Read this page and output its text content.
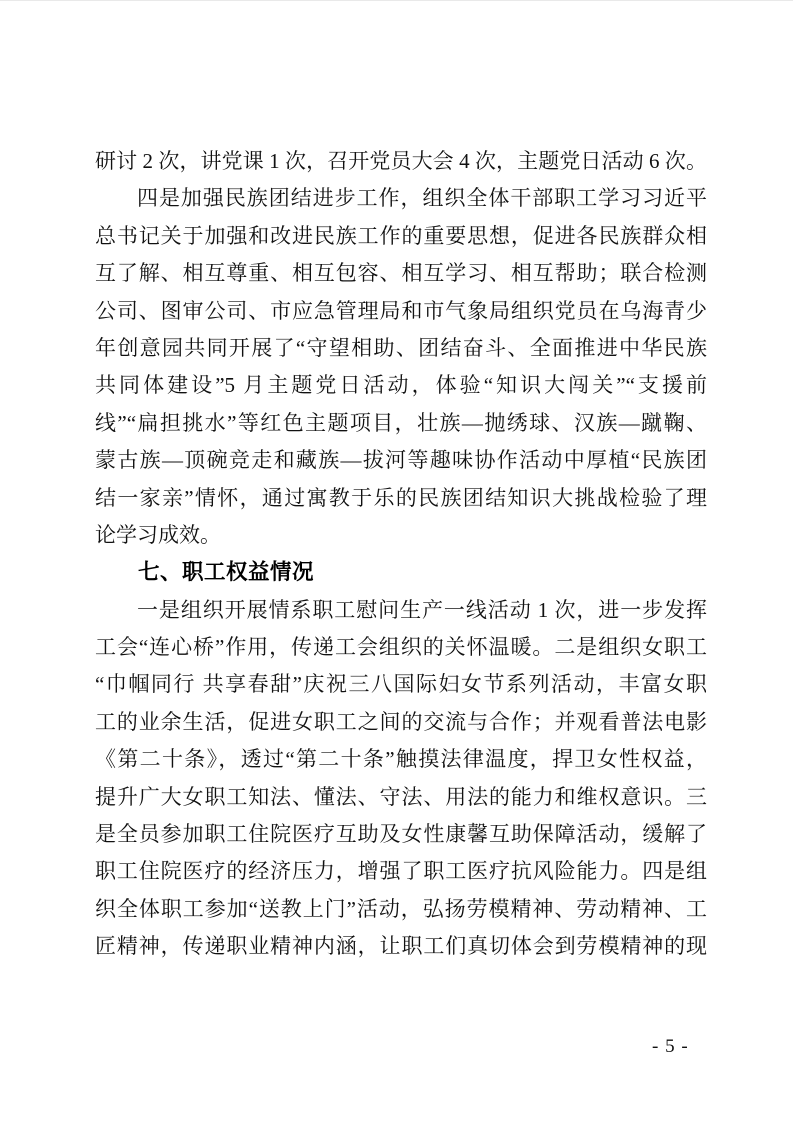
研讨 2 次，讲党课 1 次，召开党员大会 4 次，主题党日活动 6 次。
四是加强民族团结进步工作，组织全体干部职工学习习近平
总书记关于加强和改进民族工作的重要思想，促进各民族群众相
互了解、相互尊重、相互包容、相互学习、相互帮助；联合检测
公司、图审公司、市应急管理局和市气象局组织党员在乌海青少
年创意园共同开展了“守望相助、团结奋斗、全面推进中华民族
共同体建设”5 月主题党日活动，体验“知识大闯关”“支援前
线”“扁担挑水”等红色主题项目，壮族—抛绣球、汉族—蹴鞠、
蒙古族—顶碗竞走和藏族—拔河等趣味协作活动中厚植“民族团
结一家亲”情怀，通过寓教于乐的民族团结知识大挑战检验了理
论学习成效。
七、职工权益情况
一是组织开展情系职工慰问生产一线活动 1 次，进一步发挥
工会“连心桥”作用，传递工会组织的关怀温暖。二是组织女职工
“巾帼同行 共享春甜”庆祝三八国际妇女节系列活动，丰富女职
工的业余生活，促进女职工之间的交流与合作；并观看普法电影
《第二十条》，透过“第二十条”触摸法律温度，捍卫女性权益，
提升广大女职工知法、懂法、守法、用法的能力和维权意识。三
是全员参加职工住院医疗互助及女性康馨互助保障活动，缓解了
职工住院医疗的经济压力，增强了职工医疗抗风险能力。四是组
织全体职工参加“送教上门”活动，弘扬劳模精神、劳动精神、工
匠精神，传递职业精神内涵，让职工们真切体会到劳模精神的现
- 5 -
